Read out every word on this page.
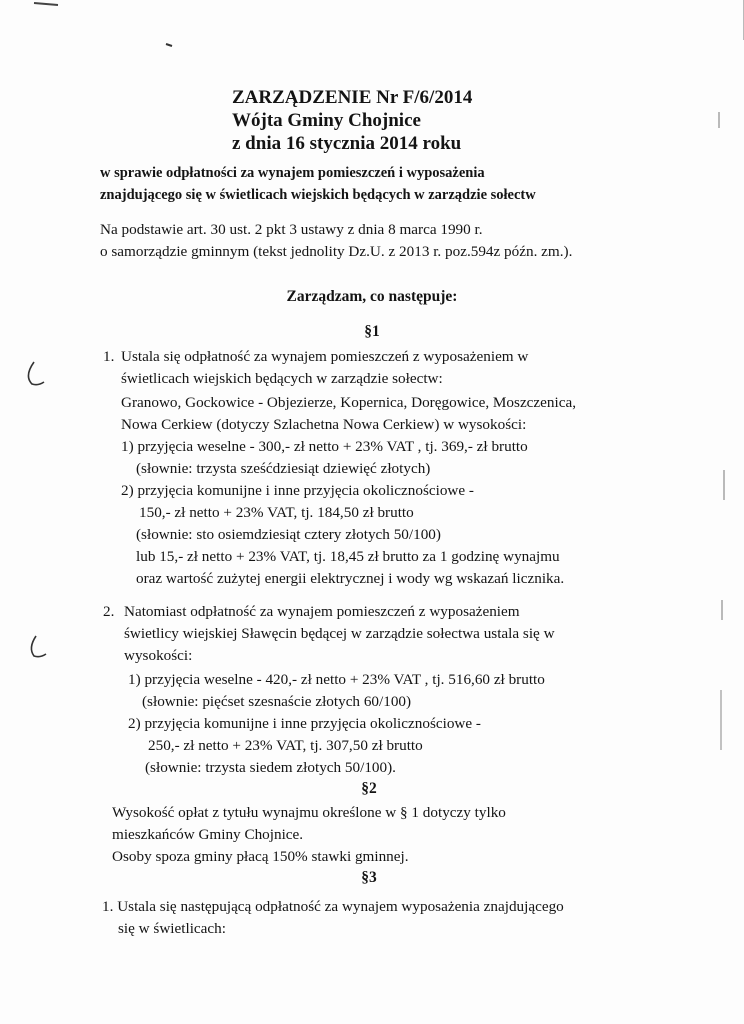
ZARZĄDZENIE Nr F/6/2014
Wójta Gminy Chojnice
z dnia 16 stycznia 2014 roku
w sprawie odpłatności za wynajem pomieszczeń i wyposażenia
znajdującego się w świetlicach wiejskich będących w zarządzie sołectw
Na podstawie art. 30 ust. 2 pkt 3 ustawy z dnia 8 marca 1990 r.
o samorządzie gminnym (tekst jednolity Dz.U. z 2013 r. poz.594z późn. zm.).
Zarządzam, co następuje:
§1
1. Ustala się odpłatność za wynajem pomieszczeń z wyposażeniem w
świetlicach wiejskich będących w zarządzie sołectw:
Granowo, Gockowice - Objezierze, Kopernica, Doręgowice, Moszczenica,
Nowa Cerkiew (dotyczy Szlachetna Nowa Cerkiew) w wysokości:
1) przyjęcia weselne - 300,- zł netto + 23% VAT , tj. 369,- zł brutto
(słownie: trzysta sześćdziesiąt dziewięć złotych)
2) przyjęcia komunijne i inne przyjęcia okolicznościowe -
150,- zł netto + 23% VAT, tj. 184,50 zł brutto
(słownie: sto osiemdziesiąt cztery złotych 50/100)
lub 15,- zł netto + 23% VAT, tj. 18,45 zł brutto za 1 godzinę wynajmu
oraz wartość zużytej energii elektrycznej i wody wg wskazań licznika.
2. Natomiast odpłatność za wynajem pomieszczeń z wyposażeniem
świetlicy wiejskiej Sławęcin będącej w zarządzie sołectwa ustala się w
wysokości:
1) przyjęcia weselne - 420,- zł netto + 23% VAT , tj. 516,60 zł brutto
(słownie: pięćset szesnaście złotych 60/100)
2) przyjęcia komunijne i inne przyjęcia okolicznościowe -
250,- zł netto + 23% VAT, tj. 307,50 zł brutto
(słownie: trzysta siedem złotych 50/100).
§2
Wysokość opłat z tytułu wynajmu określone w § 1 dotyczy tylko
mieszkańców Gminy Chojnice.
Osoby spoza gminy płacą 150% stawki gminnej.
§3
1. Ustala się następującą odpłatność za wynajem wyposażenia znajdującego
się w świetlicach:
